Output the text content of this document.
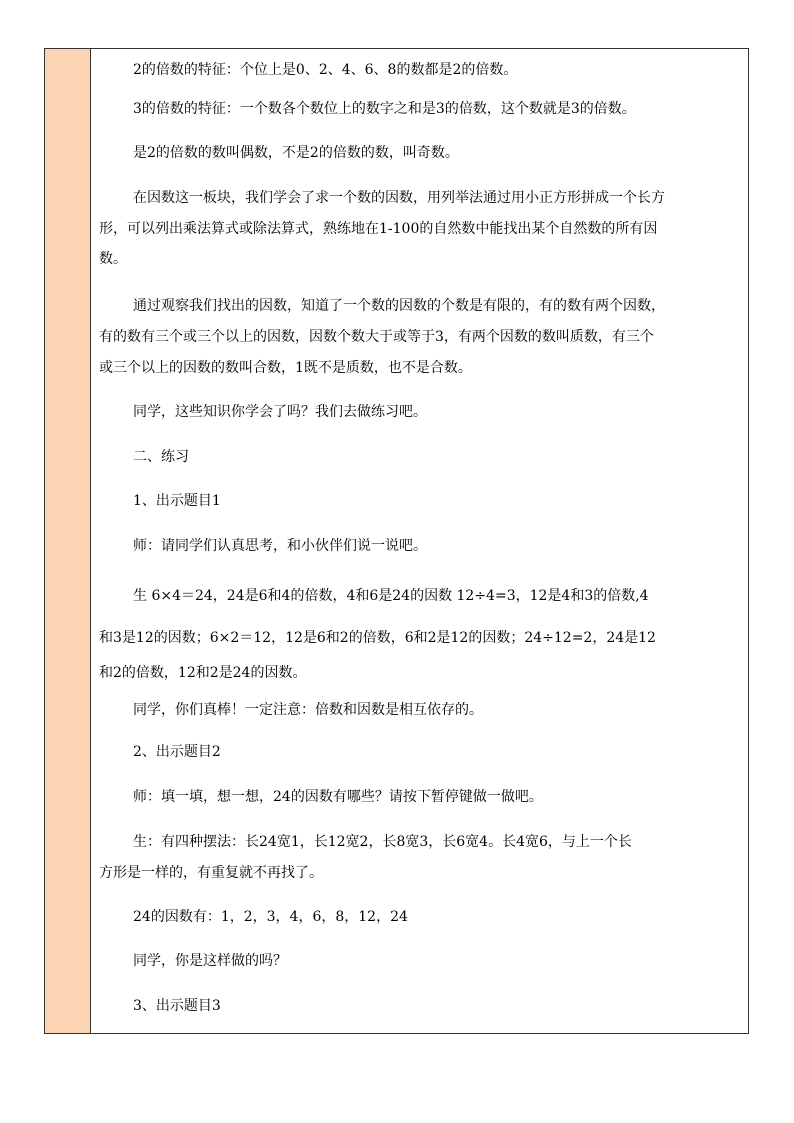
2的倍数的特征：个位上是0、2、4、6、8的数都是2的倍数。
3的倍数的特征：一个数各个数位上的数字之和是3的倍数，这个数就是3的倍数。
是2的倍数的数叫偶数，不是2的倍数的数，叫奇数。
在因数这一板块，我们学会了求一个数的因数，用列举法通过用小正方形拼成一个长方
形，可以列出乘法算式或除法算式，熟练地在1-100的自然数中能找出某个自然数的所有因
数。
通过观察我们找出的因数，知道了一个数的因数的个数是有限的，有的数有两个因数，
有的数有三个或三个以上的因数，因数个数大于或等于3，有两个因数的数叫质数，有三个
或三个以上的因数的数叫合数，1既不是质数，也不是合数。
同学，这些知识你学会了吗？我们去做练习吧。
二、练习
1、出示题目1
师：请同学们认真思考，和小伙伴们说一说吧。
生 6×4＝24，24是6和4的倍数，4和6是24的因数 12÷4=3，12是4和3的倍数,4
和3是12的因数；6×2＝12，12是6和2的倍数，6和2是12的因数；24÷12=2，24是12
和2的倍数，12和2是24的因数。
同学，你们真棒！一定注意：倍数和因数是相互依存的。
2、出示题目2
师：填一填，想一想，24的因数有哪些？请按下暂停键做一做吧。
生：有四种摆法：长24宽1，长12宽2，长8宽3，长6宽4。长4宽6，与上一个长
方形是一样的，有重复就不再找了。
24的因数有：1，2，3，4，6，8，12，24
同学，你是这样做的吗？
3、出示题目3
